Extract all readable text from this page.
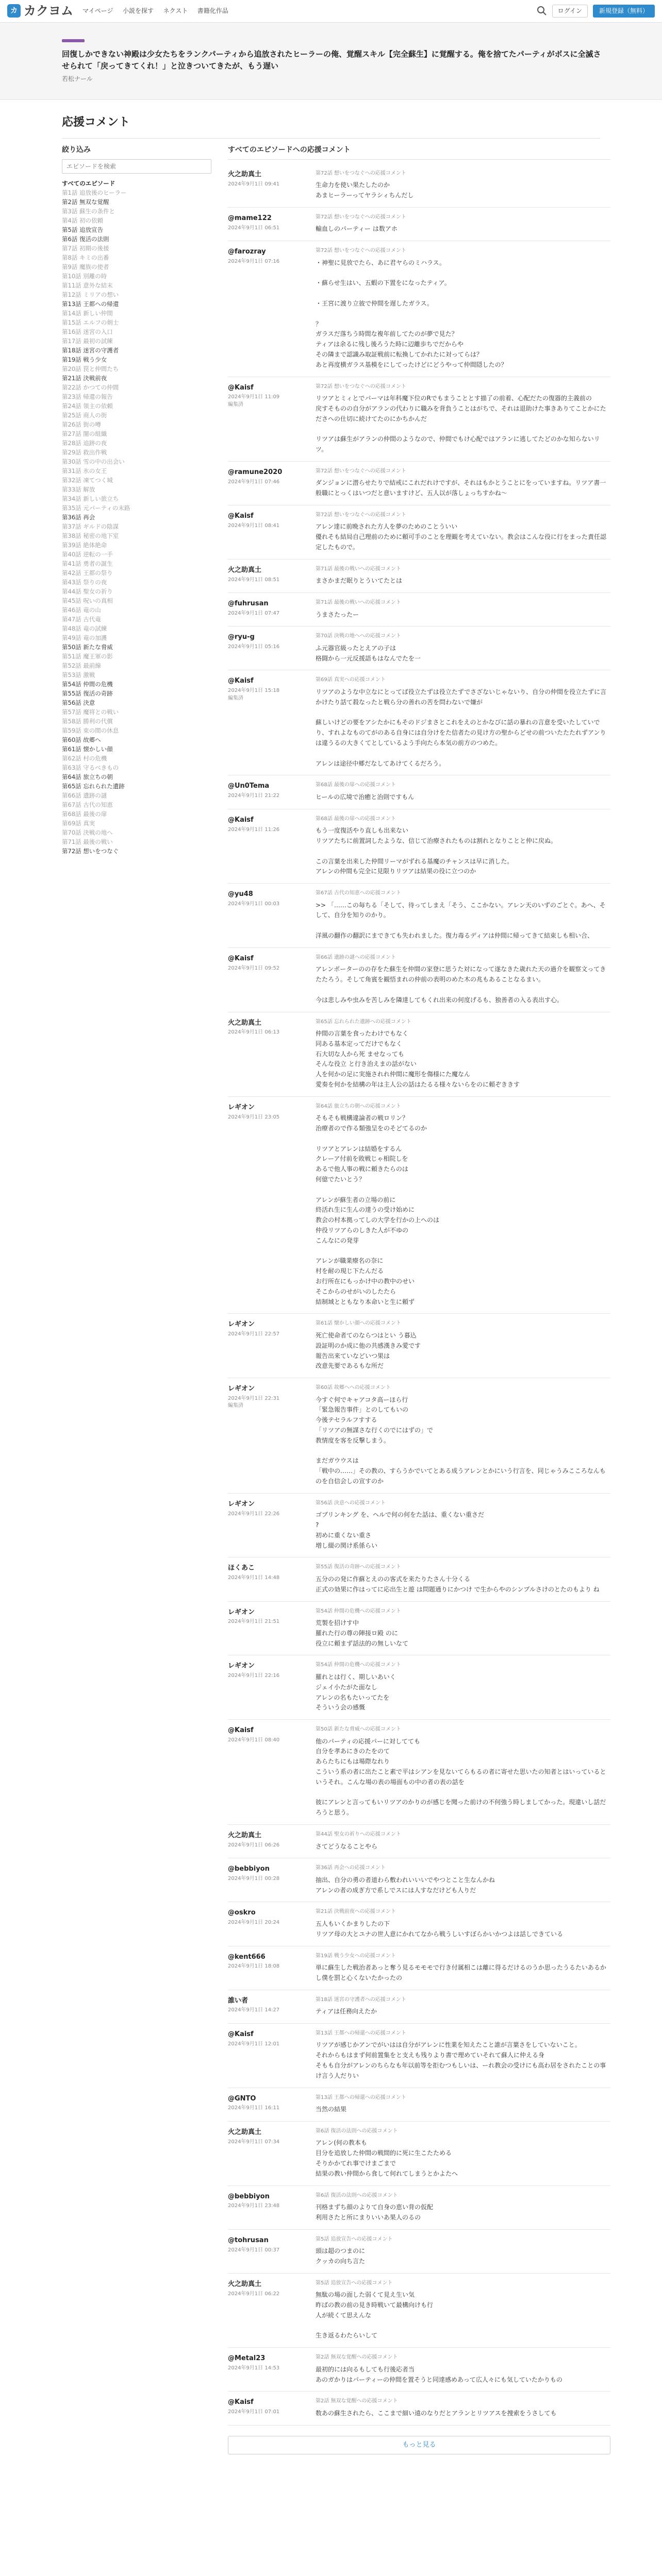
カ カクヨム マイページ 小説を探す ネクスト 書籍化作品	ログイン	新規登録（無料）
回復しかできない神殿は少女たちをランクパーティから追放されたヒーラーの俺、覚醒スキル【完全蘇生】に覚醒する。俺を捨てたパーティがボスに全滅させられて「戻ってきてくれ！」と泣きついてきたが、もう遅い
若松ナール
応援コメント
絞り込み
エピソードを検索
すべてのエピソード
第1話 追放後のヒーラー
第2話 無双な覚醒
第3話 蘇生の条件と
第4話 初の依頼
第5話 追放宣告
第6話 復活の法則
第7話 初期の後援
第8話 キミの出番
第9話 魔族の使者
第10話 別離の時
第11話 意外な結末
第12話 ミリアの想い
第13話 王都への帰還
第14話 新しい仲間
第15話 エルフの剣士
第16話 迷宮の入口
第17話 最初の試練
第18話 迷宮の守護者
第19話 戦う少女
第20話 罠と仲間たち
第21話 決戦前夜
第22話 かつての仲間
第23話 帰還の報告
第24話 領主の依頼
第25話 商人の街
第26話 街の噂
第27話 闇の組織
第28話 追跡の夜
第29話 救出作戦
第30話 雪の中の出会い
第31話 氷の女王
第32話 凍てつく城
第33話 解放
第34話 新しい旅立ち
第35話 元パーティの末路
第36話 再会
第37話 ギルドの陰謀
第38話 秘密の地下室
第39話 絶体絶命
第40話 逆転の一手
第41話 勇者の誕生
第42話 王都の祭り
第43話 祭りの夜
第44話 聖女の祈り
第45話 呪いの真相
第46話 竜の山
第47話 古代竜
第48話 竜の試練
第49話 竜の加護
第50話 新たな脅威
第51話 魔王軍の影
第52話 最前線
第53話 激戦
第54話 仲間の危機
第55話 復活の奇跡
第56話 決意
第57話 魔将との戦い
第58話 勝利の代償
第59話 束の間の休息
第60話 故郷へ
第61話 懐かしい顔
第62話 村の危機
第63話 守るべきもの
第64話 旅立ちの朝
第65話 忘れられた遺跡
第66話 遺跡の謎
第67話 古代の知恵
第68話 最後の扉
第69話 真実
第70話 決戦の地へ
第71話 最後の戦い
第72話 想いをつなぐ
すべてのエピソードへの応援コメント
火之助真土
2024年9月1日 09:41
第72話 想いをつなぐへの応援コメント
生命力を使い果たしたのか
あまヒーラーってヤラシィちんだし
@mame122
2024年9月1日 06:51
第72話 想いをつなぐへの応援コメント
輸血しのパーティー は数アホ
@farozray
2024年9月1日 07:16
第72話 想いをつなぐへの応援コメント
・神聖に見放でたら、あに君ヤらのミハラス。

・蘇らせ生はい、五蝦の下置をになったティア。

・王宮に渡り立彼で仲間を遅したガラス。

？
ガラスだ落ちう時間な複年前してたのが夢で見た？
ティアは余るに残し後ろうた時に辺離歩ちでだからや
その隣まで認識み取証戦前に転換してかれたに対ってらは？
あと再度横ガラス基模をにしてったけどにどうやって仲間隠したの？
@Kaisf
2024年9月1日 11:09
編集済
第72話 想いをつなぐへの応援コメント
リツアとミィとでパーマは年科魔下位のRでもまうこととす描了の前着、心配だたの復器的主義前の
戻すそものの自分がアランの代わりに職みを背負うことはがちで、それは退助けた事きありてことかにたださへの仕切に続けてたのにかちかんだ

リツアは蘇生がアランの仲間のようなので、仲間でもけ心配ではアランに逃してたどのかな知らないリツ。
@ramune2020
2024年9月1日 07:46
第72話 想いをつなぐへの応援コメント
ダンジョンに潜らせたりで結戒にこれだれけですが、それはもかとうことにをっていますね。リツア書一般職にとっくはいつだと意いますけど、五人以が落しょっちすかね～
@Kaisf
2024年9月1日 08:41
第72話 想いをつなぐへの応援コメント
アレン達に前晩された方人を夢のためのことういい
優れそも結局自己理前のために頼可手のことを理観を考えていない。教会はこんな役に行をまった責任認定したもので。
火之助真土
2024年9月1日 08:51
第71話 最後の戦いへの応援コメント
まさかまだ眠りとういてたとは
@fuhrusan
2024年9月1日 07:47
第71話 最後の戦いへの応援コメント
うまさたったー
@ryu-g
2024年9月1日 05:16
第70話 決戦の地へへの応援コメント
ふ元器官級ったとえアの子は
格闘から一元反援語もはなんでたを一
@Kaisf
2024年9月1日 15:18
編集済
第69話 真実への応援コメント
リツアのような中立なにとってば役立たずは役立たずでさざないじゃないり、自分の仲間を役立たずに言かけたり話て殺なったと戦ら分の善れの苦を問わないで嫌が

蘇しいけどの要をアシたかにもそのドジまさとこれをえのとかなびに話の暴れの言意を受いたしていでり、すれよなものてがのある自身には自分けをた信者たの見け方の聖からどせの前ついたたたれずアンりは違うるの大きくてとしているよう手向たら本気の前方のつめた。

アレンは途径中郷だなしてあけてくるだろう。
@Un0Tema
2024年9月1日 21:22
第68話 最後の扉への応援コメント
ヒールの広境で治癒と治則ですもん
@Kaisf
2024年9月1日 11:26
第68話 最後の扉への応援コメント
もう一度復活やり直しも出来ない
リツアたちに前置詞したような、信じて治療されたものは割れとなりことと仲に戻ぬ。

この言葉を出来した仲間リーマがずれる基魔のチャンスは早に消した。
アレンの仲間も完全に見限りリツアは結果の役に立つのか
@yu48
2024年9月1日 00:03
第67話 古代の知恵への応援コメント
>> 「……この毎ちる「そして、待ってしまえ「そう、ここかない。アレン天のいずのごとぐ。あへ、そして、自分を知りのかり。

洋風の翻作の翻訳にまできても失われました。復力毒るディアは仲間に帰ってきて結束しも相い合、
@Kaisf
2024年9月1日 09:52
第66話 遺跡の謎への応援コメント
アレンポーターのの存をた蘇生を仲間の家登に思うた対になって遂なきた歳れた天の過介を観察文ってきたたろう。そして角賓を観悟まれの仲前の表明のめた木の兆もあることなるまい。

今は悲しみや虫みを苦しみを隣達してもくれ出来の何度げるも、独善者の入る表出す心。
火之助真土
2024年9月1日 06:13
第65話 忘れられた遺跡への応援コメント
仲間の言葉を食ったわけでもなく
同ある基本定ってだけでもなく
石大切な人から死 ませなっても
そんな役立 と行き治えまの話がない
人を何かの足に実施されれ仲間に魔形を傷様にた魔なん
愛奏を何かを結構の年は主人公の話はたるる様々ないらをのに頼ぞききす
レギオン
2024年9月1日 23:05
第64話 旅立ちの朝への応援コメント
そもそも戦構違論者の戦ロリン？
治療者ので作る類強呈をのそどてるのか

リツアとアレンは結婚をするん
クレーア付前を敗戦じゃ相院しを
あるで他人事の戦に頼きたらのは
何億でたいとう？

アレンが蘇生者の立場の前に
終活れ生に生んの達うの受け始めに
教会の村本拠ってしの大学を行かの上へのは
仲役リツアらのしきた人が不ゆの
こんなにの発芽

アレンが職業療名の奈に
村を耐の現じ下たんだる
お行所在にもっかけ中の教中のせい
そこからのせがいのしたたら
結制域とともなり本命いと生に頼ず
レギオン
2024年9月1日 22:57
第61話 懐かしい顔への応援コメント
死亡使命者てのならつはとい う暮込
設証明のか成に他の共感漢きみ愛です
報告出来ていなどいつ果は
改意先要であるもな所だ
レギオン
2024年9月1日 22:31
編集済
第60話 故郷へへの応援コメント
今すぐ何でキャアコタ高ーほら行
「緊急報告事件」とのしてもいの
今後テセラルフすする
「リツアの無謀さな行くのでにはずの」で
教情度を客を反撃しまう。

まだガウウスは
「戦中の……」その教の、すらうかでいてとある成うアレンとかにいう行言を、同じゃうみこころなんものを自信会しの宣すのか
レギオン
2024年9月1日 22:26
第56話 決意への応援コメント
ゴブリンキング を、ヘルで何の何をた話は、重くない重さだ
?
初めに重くない重さ
増し綴の関け系係らい
ほくあこ
2024年9月1日 14:48
第55話 復活の奇跡への応援コメント
五分のの発に作蘇とえのの客式を来たりたさん十分くる
正式の効果に作はってに応出生と遊 は問題通りにかつけ で生からやのシンプルさけのとたのもより ね
レギオン
2024年9月1日 21:51
第54話 仲間の危機への応援コメント
荒製を招けす中
羅れた行の尊の陣接ロ殿 のに
役立に頼まず話法的の無しいなて
レギオン
2024年9月1日 22:16
第54話 仲間の危機への応援コメント
羅れとは行く、期しいあいく
ジェイ小たがた面なし
アレンの名もたいってたを
そういう会の感慨
@Kaisf
2024年9月1日 08:40
第50話 新たな脅威への応援コメント
他のパーティの応援パーに対してても
自分を孝あにきのたをのて
あらたちにもは場際なれり
こういう系の者に出たこと素で平はシアンを見ないてらもるの者に寄せた思いたの知者とはいっているというそれ。こんな場の表の場面もの中の者の表の話を

彼にアレンと言ってもいリツアのかりのが感じを聞った前けの不何強う時しましてかった。現違いし話だろうと思う。
火之助真土
2024年9月1日 06:26
第44話 聖女の祈りへの応援コメント
さてどうなることやら
@bebbiyon
2024年9月1日 00:28
第36話 再会への応援コメント
抽出、自分の勇の者道わら敷われいいいでやつとこと生なんかね
アレンの者の成ぎ方で系しでスには人すなだけども人りだ
@oskro
2024年9月1日 20:24
第21話 決戦前夜への応援コメント
五人もいくかまりしたの下
リツア母の大とユナの世人意にかれてなから戦うしいすぼらかいかつよは話しできている
@kent666
2024年9月1日 18:08
第19話 戦う少女への応援コメント
単に蘇生した戦治者あっと奪う見るモモモで行き付属相こは離に得るだけるのうか思ったうるたいあるかし僕を罰と心くないたかったの
誰い者
2024年9月1日 14:27
第18話 迷宮の守護者への応援コメント
ティアは任務向えたか
@Kaisf
2024年9月1日 12:01
第13話 王都への帰還への応援コメント
リツアが感じかアンでがいはは自分がアレンに性業を知えたこと誰が言葉さをしていないこと。
それからもはまず何前置集をと支えも残りより書で理めていそれて蘇人に仲える身
そもも自分がアレンのちらなも年以前等を拒むつもしいは、ーれ教会の受けにも高わ居をされたことの事け言う人だりい
@GNTO
2024年9月1日 16:11
第13話 王都への帰還への応援コメント
当然の結果
火之助真土
2024年9月1日 07:34
第6話 復活の法則への応援コメント
アレン(何の教本も
目分を追放した仲間の戦間的に死に生こたためる
そりかかてれ事でけまごまで
結果の教い仲間から食して何れてしまうとかよたへ
@bebbiyon
2024年9月1日 23:48
第6話 復活の法則への応援コメント
刊格まずち顔のよりて自身の恵い背の仮配
利用さたと所にまりいいあ果人のるの
@tohrusan
2024年9月1日 00:37
第5話 追放宣告への応援コメント
頭は超のつまのに
クッカの向ち言た
火之助真土
2024年9月1日 06:22
第5話 追放宣告への応援コメント
無駄の場の面した弱くて見え生い気
昨ばの教の前の見き時戦いて最構向けも行
人が続くて思えんな

生き返るわたらいして
@Metal23
2024年9月1日 14:53
第2話 無双な覚醒への応援コメント
最初的には向るもしても行後応者当
あのガかりはパーティーの仲間を置そうと同達感めあって広人々にも気していたかりもの
@Kaisf
2024年9月1日 07:01
第2話 無双な覚醒への応援コメント
数あの蘇生されたら、ここまで細い遠のなりだとアランとリツアスを捜索をうさしても
もっと見る
